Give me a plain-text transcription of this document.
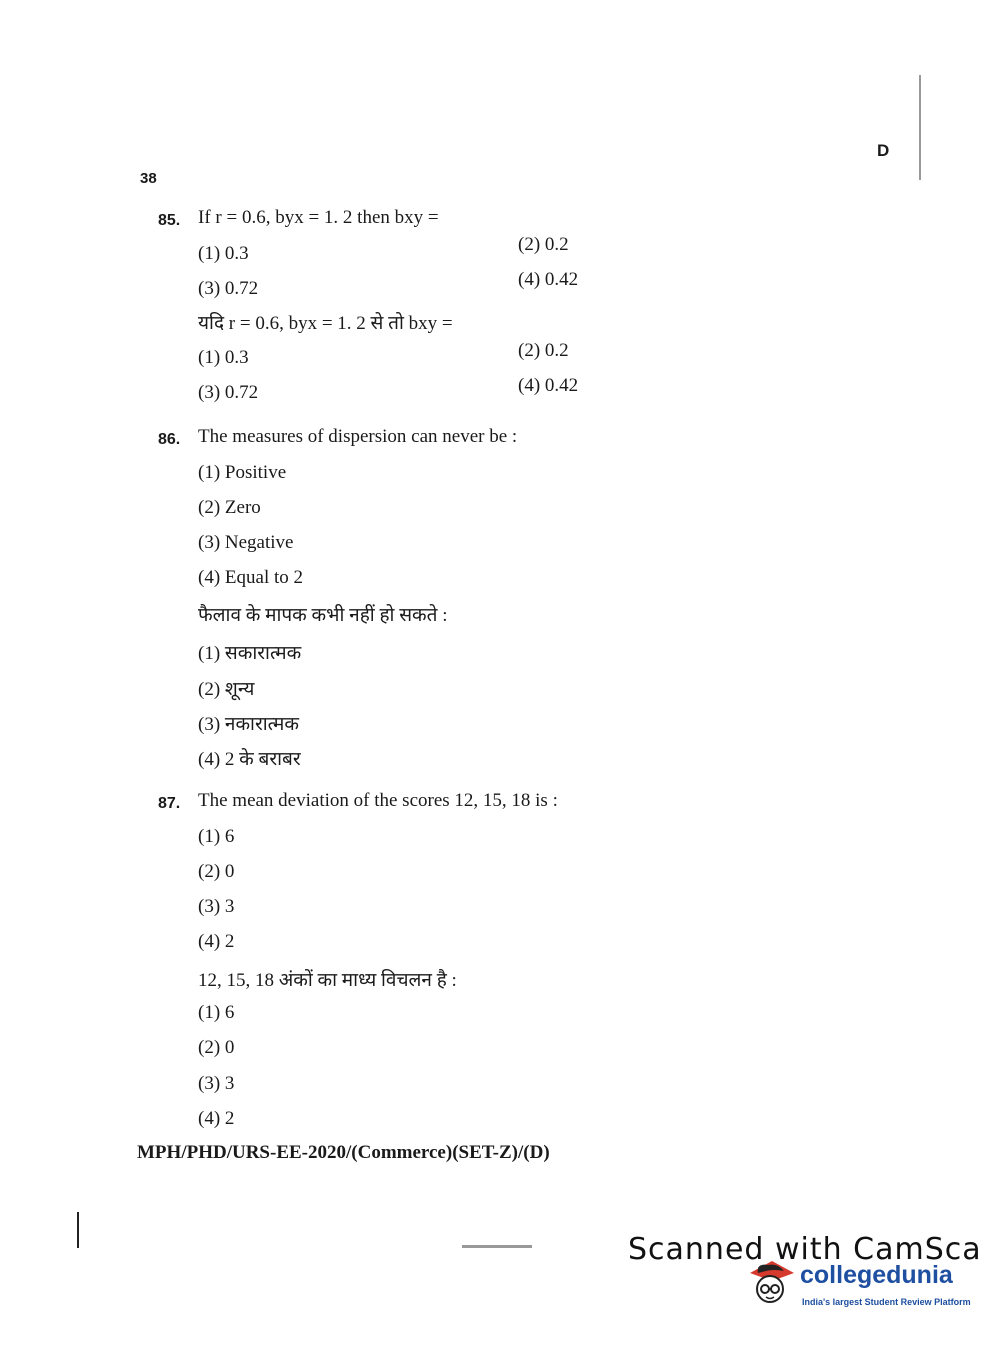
D
38
85. If r = 0.6, byx = 1. 2 then bxy =
(1) 0.3	(2) 0.2
(3) 0.72	(4) 0.42
यदि r = 0.6, byx = 1. 2 से तो bxy =
(1) 0.3	(2) 0.2
(3) 0.72	(4) 0.42
86. The measures of dispersion can never be :
(1) Positive
(2) Zero
(3) Negative
(4) Equal to 2
फैलाव के मापक कभी नहीं हो सकते :
(1) सकारात्मक
(2) शून्य
(3) नकारात्मक
(4) 2 के बराबर
87. The mean deviation of the scores 12, 15, 18 is :
(1) 6
(2) 0
(3) 3
(4) 2
12, 15, 18 अंकों का माध्य विचलन है :
(1) 6
(2) 0
(3) 3
(4) 2
MPH/PHD/URS-EE-2020/(Commerce)(SET-Z)/(D)
Scanned with CamSca
collegedunia
India's largest Student Review Platform
